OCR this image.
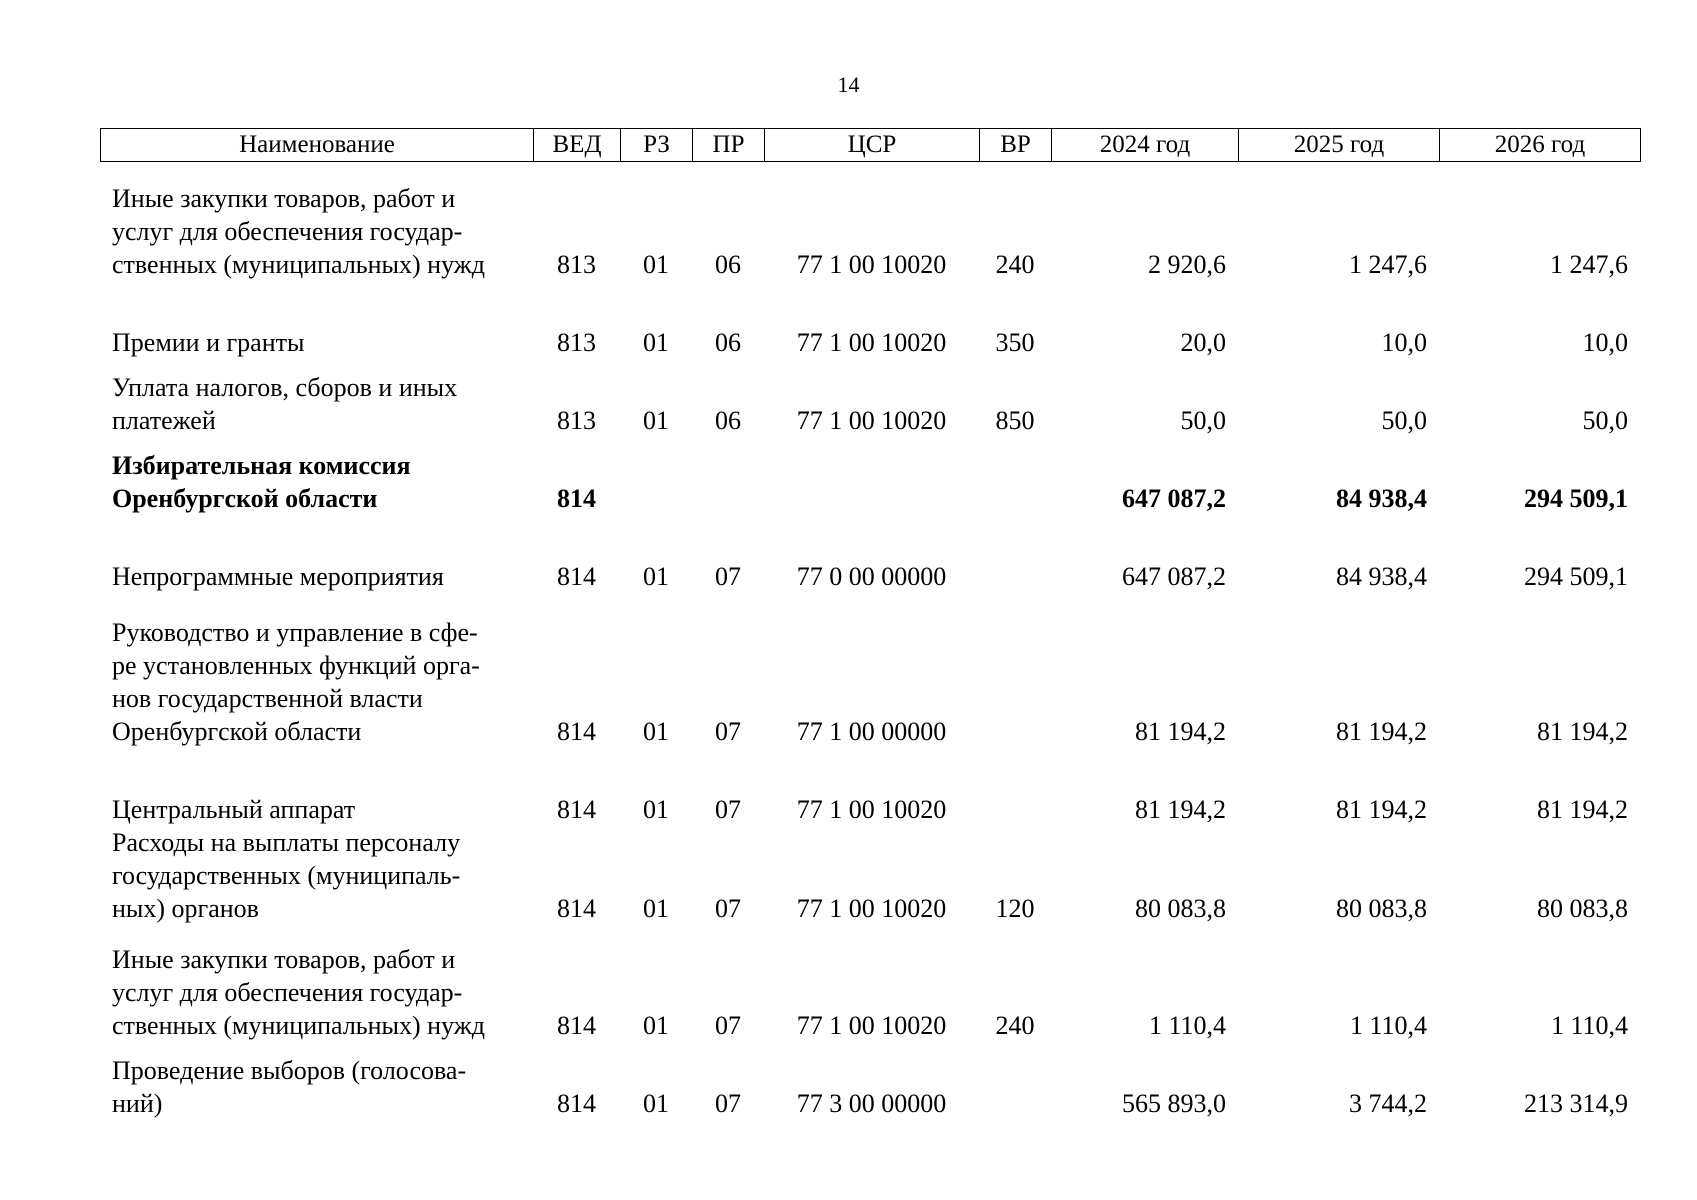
14
Наименование	ВЕД	РЗ	ПР	ЦСР	ВР	2024 год	2025 год	2026 год
Иные закупки товаров, работ и
услуг для обеспечения государ-
ственных (муниципальных) нужд	813	01	06	77 1 00 10020	240	2 920,6	1 247,6	1 247,6
Премии и гранты	813	01	06	77 1 00 10020	350	20,0	10,0	10,0
Уплата налогов, сборов и иных
платежей	813	01	06	77 1 00 10020	850	50,0	50,0	50,0
Избирательная комиссия
Оренбургской области	814					647 087,2	84 938,4	294 509,1
Непрограммные мероприятия	814	01	07	77 0 00 00000		647 087,2	84 938,4	294 509,1
Руководство и управление в сфе-
ре установленных функций орга-
нов государственной власти
Оренбургской области	814	01	07	77 1 00 00000		81 194,2	81 194,2	81 194,2
Центральный аппарат	814	01	07	77 1 00 10020		81 194,2	81 194,2	81 194,2
Расходы на выплаты персоналу
государственных (муниципаль-
ных) органов	814	01	07	77 1 00 10020	120	80 083,8	80 083,8	80 083,8
Иные закупки товаров, работ и
услуг для обеспечения государ-
ственных (муниципальных) нужд	814	01	07	77 1 00 10020	240	1 110,4	1 110,4	1 110,4
Проведение выборов (голосова-
ний)	814	01	07	77 3 00 00000		565 893,0	3 744,2	213 314,9
